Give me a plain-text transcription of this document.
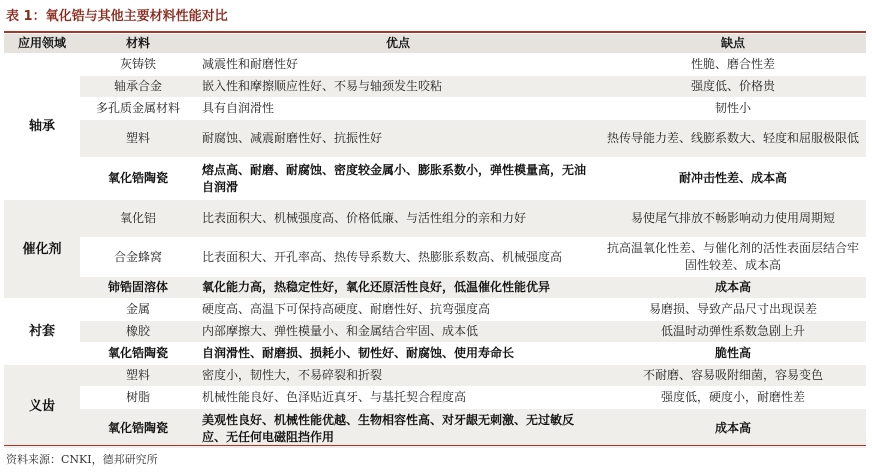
表 1：氧化锆与其他主要材料性能对比
应用领域	材料	优点	缺点
轴承	灰铸铁	减震性和耐磨性好	性脆、磨合性差
	轴承合金	嵌入性和摩擦顺应性好、不易与轴颈发生咬粘	强度低、价格贵
	多孔质金属材料	具有自润滑性	韧性小
	塑料	耐腐蚀、减震耐磨性好、抗振性好	热传导能力差、线膨系数大、轻度和屈服极限低
	氧化锆陶瓷	熔点高、耐磨、耐腐蚀、密度较金属小、膨胀系数小，弹性模量高，无油自润滑	耐冲击性差、成本高
催化剂	氧化铝	比表面积大、机械强度高、价格低廉、与活性组分的亲和力好	易使尾气排放不畅影响动力使用周期短
	合金蜂窝	比表面积大、开孔率高、热传导系数大、热膨胀系数高、机械强度高	抗高温氧化性差、与催化剂的活性表面层结合牢固性较差、成本高
	铈锆固溶体	氧化能力高，热稳定性好，氧化还原活性良好，低温催化性能优异	成本高
衬套	金属	硬度高、高温下可保持高硬度、耐磨性好、抗弯强度高	易磨损、导致产品尺寸出现误差
	橡胶	内部摩擦大、弹性模量小、和金属结合牢固、成本低	低温时动弹性系数急剧上升
	氧化锆陶瓷	自润滑性、耐磨损、损耗小、韧性好、耐腐蚀、使用寿命长	脆性高
义齿	塑料	密度小，韧性大，不易碎裂和折裂	不耐磨、容易吸附细菌，容易变色
	树脂	机械性能良好、色泽贴近真牙、与基托契合程度高	强度低，硬度小，耐磨性差
	氧化锆陶瓷	美观性良好、机械性能优越、生物相容性高、对牙龈无刺激、无过敏反应、无任何电磁阻挡作用	成本高
资料来源：CNKI，德邦研究所
